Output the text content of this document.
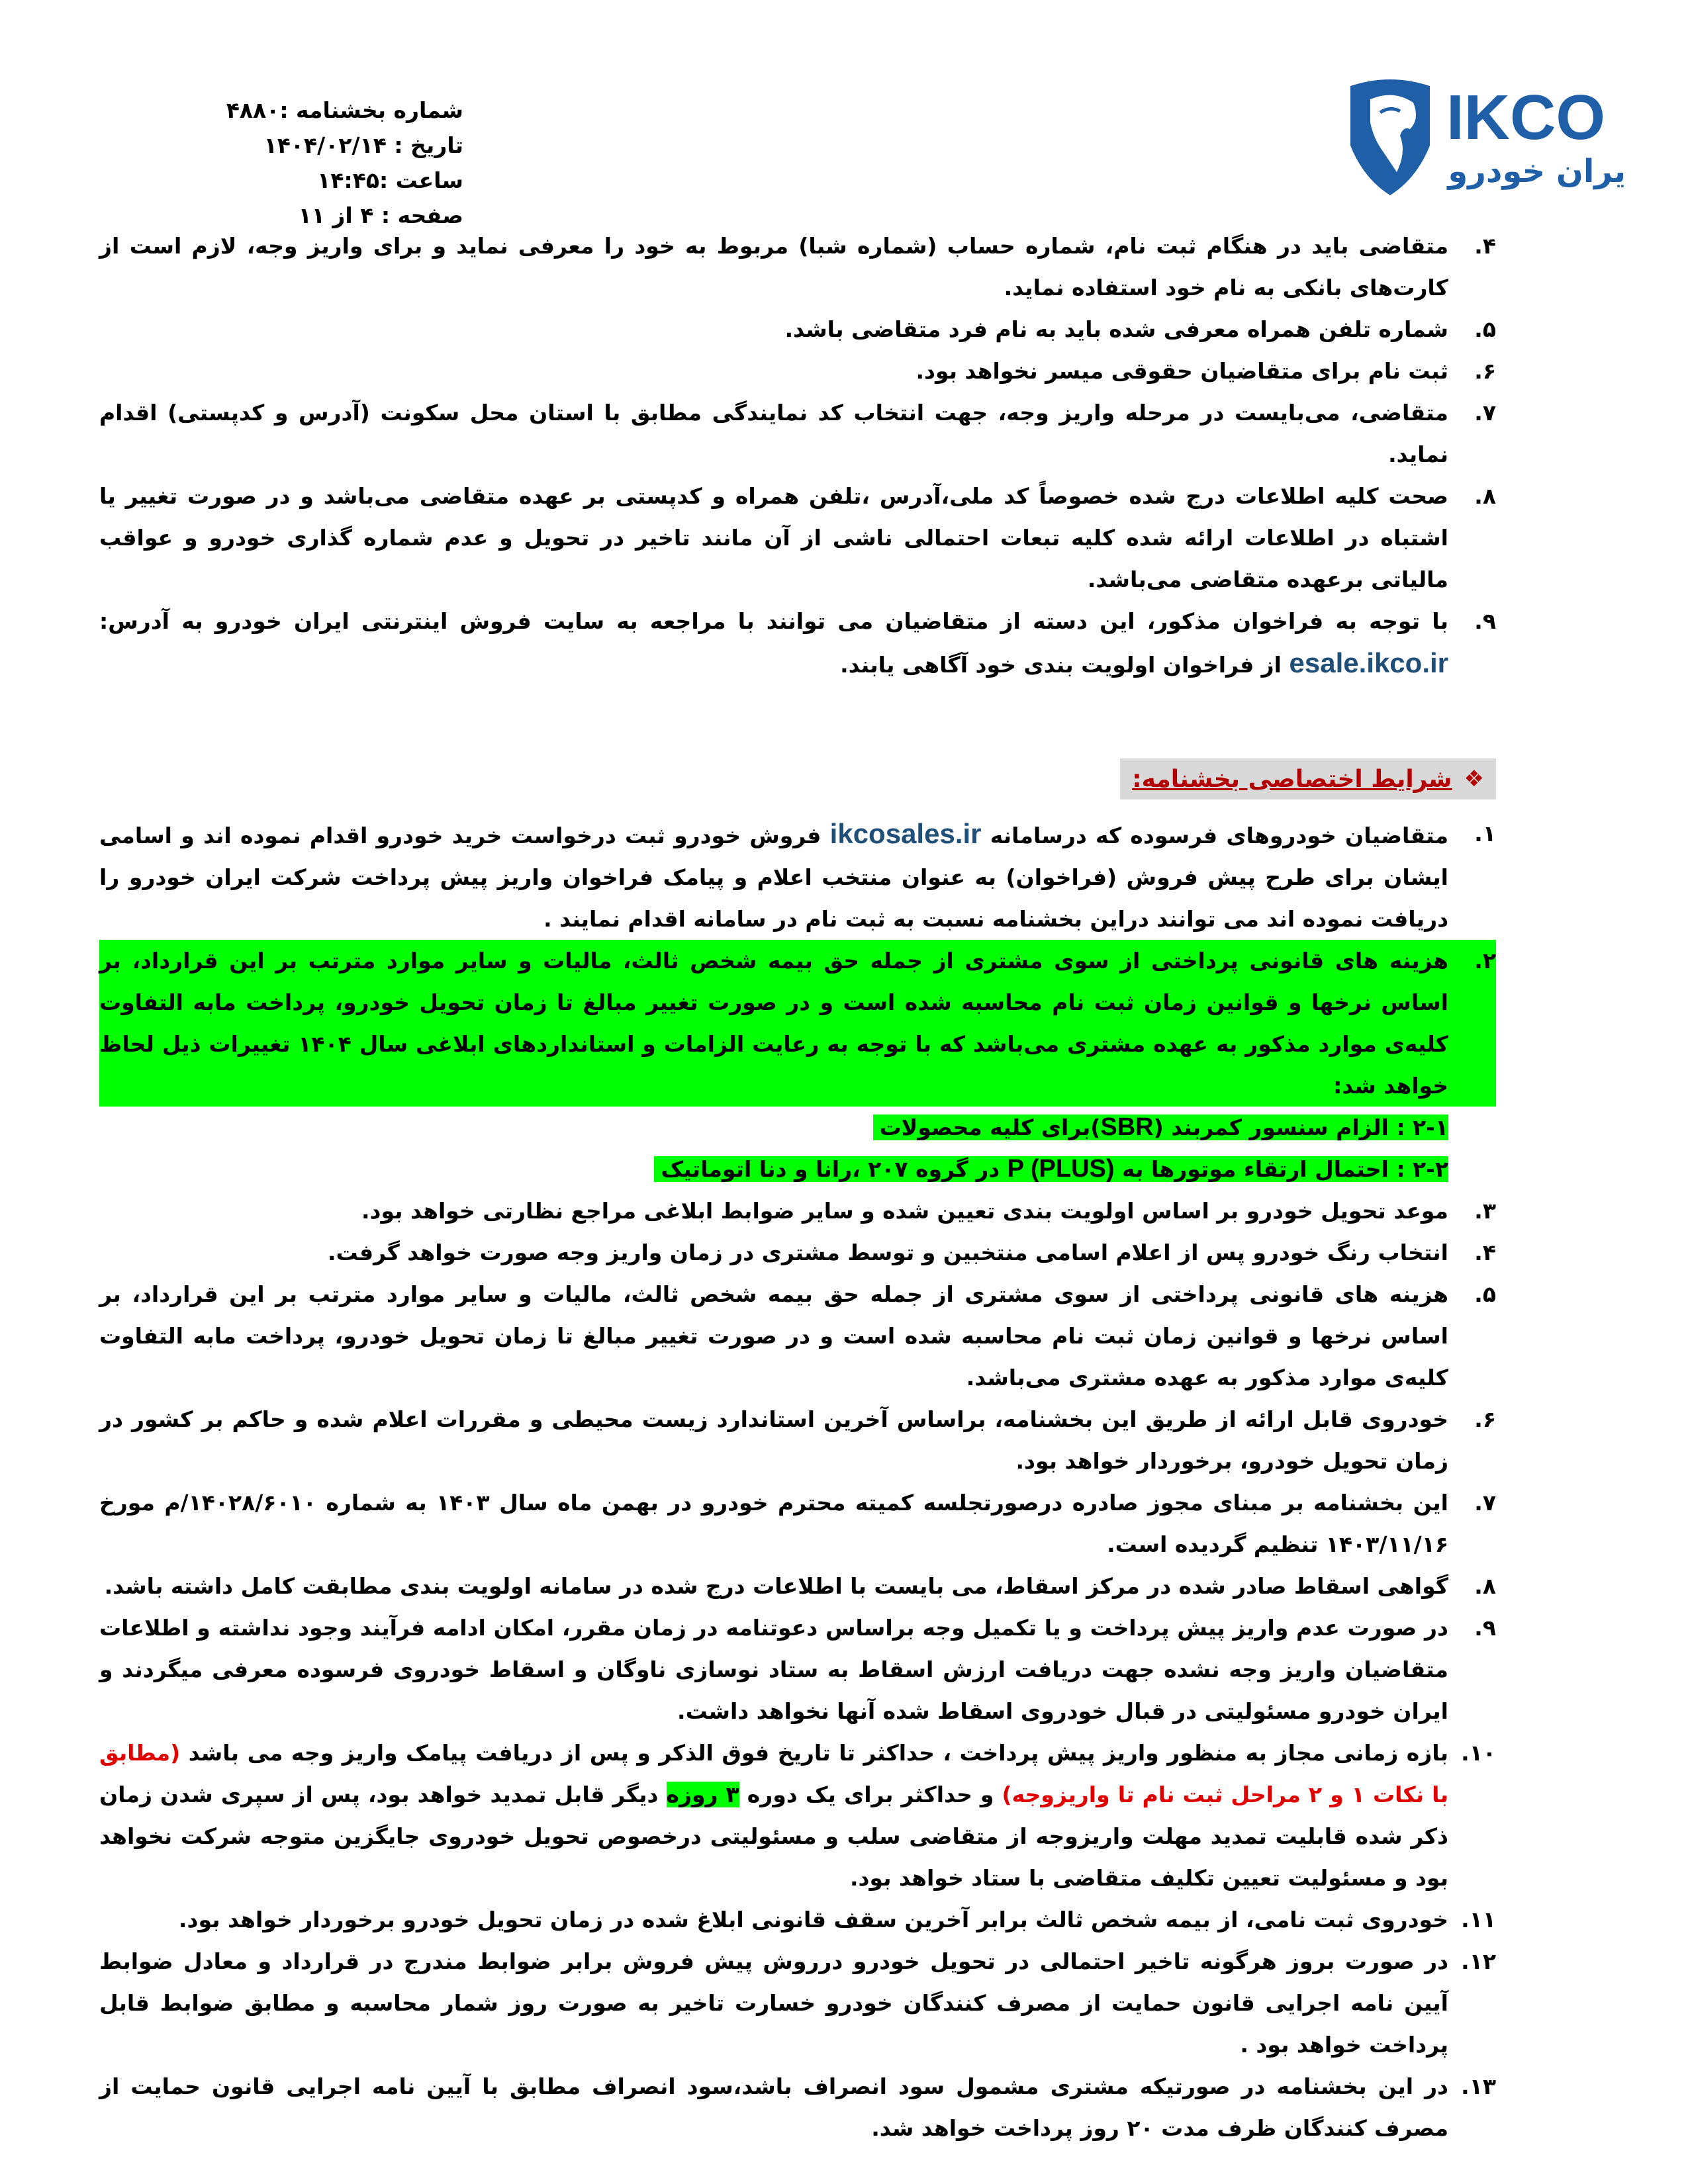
IKCO
ایران خودرو
شماره بخشنامه :۴۸۸۰
تاریخ : ۱۴۰۴/۰۲/۱۴
ساعت :۱۴:۴۵
صفحه : ۴ از ۱۱
۴.
متقاضی باید در هنگام ثبت نام، شماره حساب (شماره شبا) مربوط به خود را معرفی نماید و برای واریز وجه، لازم است از کارت‌های بانکی به نام خود استفاده نماید.
۵.
شماره تلفن همراه معرفی شده باید به نام فرد متقاضی باشد.
۶.
ثبت نام برای متقاضیان حقوقی میسر نخواهد بود.
۷.
متقاضی، می‌بایست در مرحله واریز وجه، جهت انتخاب کد نمایندگی مطابق با استان محل سکونت (آدرس و کدپستی) اقدام نماید.
۸.
صحت کلیه اطلاعات درج شده خصوصاً کد ملی،آدرس ،تلفن همراه و کدپستی بر عهده متقاضی می‌باشد و در صورت تغییر یا اشتباه در اطلاعات ارائه شده کلیه تبعات احتمالی ناشی از آن مانند تاخیر در تحویل و عدم شماره گذاری خودرو و عواقب مالیاتی برعهده متقاضی می‌باشد.
۹.
با توجه به فراخوان مذکور، این دسته از متقاضیان می توانند با مراجعه به سایت فروش اینترنتی ایران خودرو به آدرس: esale.ikco.ir از فراخوان اولویت بندی خود آگاهی یابند.
❖
شرایط اختصاصی بخشنامه:
۱.
متقاضیان خودروهای فرسوده که درسامانه ikcosales.ir فروش خودرو ثبت درخواست خرید خودرو اقدام نموده اند و اسامی ایشان برای طرح پیش فروش (فراخوان) به عنوان منتخب اعلام و پیامک فراخوان واریز پیش پرداخت شرکت ایران خودرو را دریافت نموده اند می توانند دراین بخشنامه نسبت به ثبت نام در سامانه اقدام نمایند .
۲.
هزینه های قانونی پرداختی از سوی مشتری از جمله حق بیمه شخص ثالث، مالیات و سایر موارد مترتب بر این قرارداد، بر اساس نرخها و قوانین زمان ثبت نام محاسبه شده است و در صورت تغییر مبالغ تا زمان تحویل خودرو، پرداخت مابه التفاوت کلیه‌ی موارد مذکور به عهده مشتری می‌باشد که با توجه به رعایت الزامات و استانداردهای ابلاغی سال ۱۴۰۴ تغییرات ذیل لحاظ خواهد شد:
۲-۱ : الزام سنسور کمربند (SBR)برای کلیه محصولات
۲-۲ : احتمال ارتقاء موتورها به P (PLUS) در گروه ۲۰۷ ،رانا و دنا اتوماتیک
۳.
موعد تحویل خودرو بر اساس اولویت بندی تعیین شده و سایر ضوابط ابلاغی مراجع نظارتی خواهد بود.
۴.
انتخاب رنگ خودرو پس از اعلام اسامی منتخبین و توسط مشتری در زمان واریز وجه صورت خواهد گرفت.
۵.
هزینه های قانونی پرداختی از سوی مشتری از جمله حق بیمه شخص ثالث، مالیات و سایر موارد مترتب بر این قرارداد، بر اساس نرخها و قوانین زمان ثبت نام محاسبه شده است و در صورت تغییر مبالغ تا زمان تحویل خودرو، پرداخت مابه التفاوت کلیه‌ی موارد مذکور به عهده مشتری می‌باشد.
۶.
خودروی قابل ارائه از طریق این بخشنامه، براساس آخرین استاندارد زیست محیطی و مقررات اعلام شده و حاکم بر کشور در زمان تحویل خودرو، برخوردار خواهد بود.
۷.
این بخشنامه بر مبنای مجوز صادره درصورتجلسه کمیته محترم خودرو در بهمن ماه سال ۱۴۰۳ به شماره ۱۴۰۲۸/۶۰۱۰/م مورخ ۱۴۰۳/۱۱/۱۶ تنظیم گردیده است.
۸.
گواهی اسقاط صادر شده در مرکز اسقاط، می بایست با اطلاعات درج شده در سامانه اولویت بندی مطابقت کامل داشته باشد.
۹.
در صورت عدم واریز پیش پرداخت و یا تکمیل وجه براساس دعوتنامه در زمان مقرر، امکان ادامه فرآیند وجود نداشته و اطلاعات متقاضیان واریز وجه نشده جهت دریافت ارزش اسقاط به ستاد نوسازی ناوگان و اسقاط خودروی فرسوده معرفی میگردند و ایران خودرو مسئولیتی در قبال خودروی اسقاط شده آنها نخواهد داشت.
۱۰.
بازه زمانی مجاز به منظور واریز پیش پرداخت ، حداکثر تا تاریخ فوق الذکر و پس از دریافت پیامک واریز وجه می باشد (مطابق با نکات ۱ و ۲ مراحل ثبت نام تا واریزوجه) و حداکثر برای یک دوره ۳ روزه دیگر قابل تمدید خواهد بود، پس از سپری شدن زمان ذکر شده قابلیت تمدید مهلت واریزوجه از متقاضی سلب و مسئولیتی درخصوص تحویل خودروی جایگزین متوجه شرکت نخواهد بود و مسئولیت تعیین تکلیف متقاضی با ستاد خواهد بود.
۱۱.
خودروی ثبت نامی، از بیمه شخص ثالث برابر آخرین سقف قانونی ابلاغ شده در زمان تحویل خودرو برخوردار خواهد بود.
۱۲.
در صورت بروز هرگونه تاخیر احتمالی در تحویل خودرو درروش پیش فروش برابر ضوابط مندرج در قرارداد و معادل ضوابط آیین نامه اجرایی قانون حمایت از مصرف کنندگان خودرو خسارت تاخیر به صورت روز شمار محاسبه و مطابق ضوابط قابل پرداخت خواهد بود .
۱۳.
در این بخشنامه در صورتیکه مشتری مشمول سود انصراف باشد،سود انصراف مطابق با آیین نامه اجرایی قانون حمایت از مصرف کنندگان ظرف مدت ۲۰ روز پرداخت خواهد شد.
